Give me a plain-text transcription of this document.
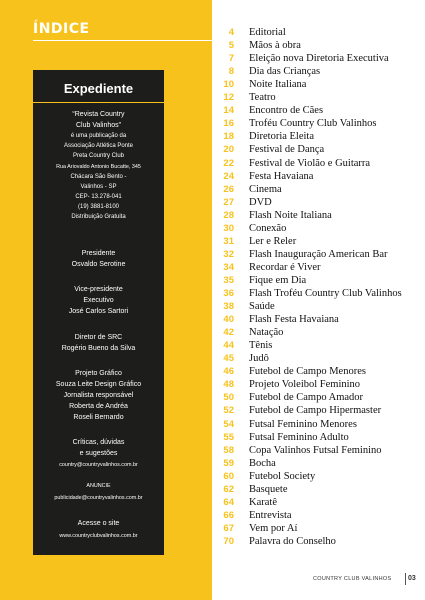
ÍNDICE
Expediente
“Revista Country
Club Valinhos”
é uma publicação da
Associação Atlética Ponte
Preta Country Club
Rua Ariovaldo Antonio Bucatte, 345
Chácara São Bento -
Valinhos - SP
CEP- 13.278-041
(19) 3881-8100
Distribuição Gratuita
Presidente
Osvaldo Serotine
Vice-presidente
Executivo
José Carlos Sartori
Diretor de SRC
Rogério Bueno da Silva
Projeto Gráfico
Souza Leite Design Gráfico
Jornalista responsável
Roberta de Andréa
Roseli Bernardo
Críticas, dúvidas
e sugestões
country@countryvalinhos.com.br
ANUNCIE
publicidade@countryvalinhos.com.br
Acesse o site
www.countryclubvalinhos.com.br
4 Editorial
5 Mãos à obra
7 Eleição nova Diretoria Executiva
8 Dia das Crianças
10 Noite Italiana
12 Teatro
14 Encontro de Cães
16 Troféu Country Club Valinhos
18 Diretoria Eleita
20 Festival de Dança
22 Festival de Violão e Guitarra
24 Festa Havaiana
26 Cinema
27 DVD
28 Flash Noite Italiana
30 Conexão
31 Ler e Reler
32 Flash Inauguração American Bar
34 Recordar é Viver
35 Fique em Dia
36 Flash Troféu Country Club Valinhos
38 Saúde
40 Flash Festa Havaiana
42 Natação
44 Tênis
45 Judô
46 Futebol de Campo Menores
48 Projeto Voleibol Feminino
50 Futebol de Campo Amador
52 Futebol de Campo Hipermaster
54 Futsal Feminino Menores
55 Futsal Feminino Adulto
58 Copa Valinhos Futsal Feminino
59 Bocha
60 Futebol Society
62 Basquete
64 Karatê
66 Entrevista
67 Vem por Aí
70 Palavra do Conselho
COUNTRY CLUB VALINHOS 03
